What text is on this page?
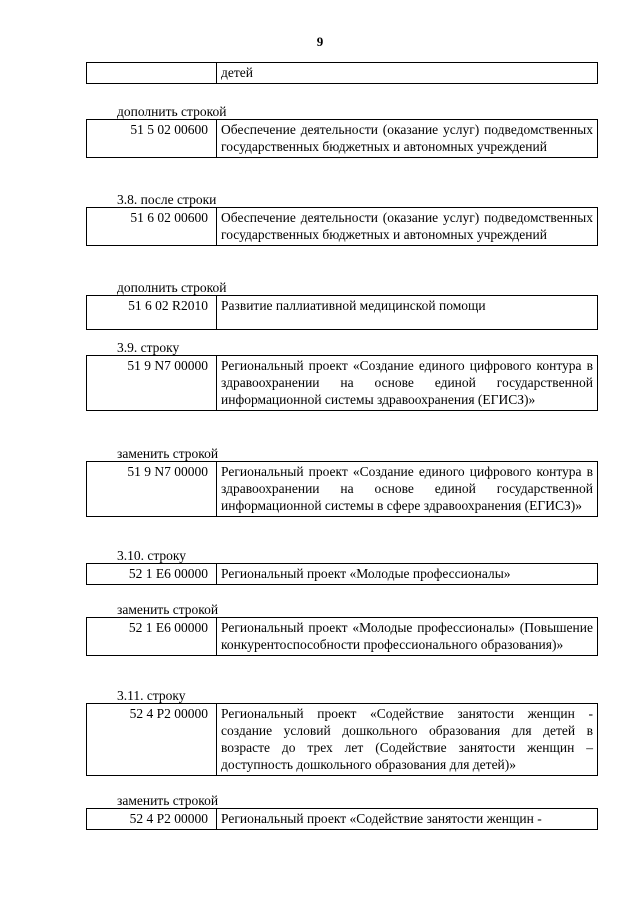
9
	детей
дополнить строкой
51 5 02 00600	Обеспечение деятельности (оказание услуг) подведомственных государственных бюджетных и автономных учреждений
3.8. после строки
51 6 02 00600	Обеспечение деятельности (оказание услуг) подведомственных государственных бюджетных и автономных учреждений
дополнить строкой
51 6 02 R2010	Развитие паллиативной медицинской помощи
3.9. строку
51 9 N7 00000	Региональный проект «Создание единого цифрового контура в здравоохранении на основе единой государственной информационной системы здравоохранения (ЕГИСЗ)»
заменить строкой
51 9 N7 00000	Региональный проект «Создание единого цифрового контура в здравоохранении на основе единой государственной информационной системы в сфере здравоохранения (ЕГИСЗ)»
3.10. строку
52 1 Е6 00000	Региональный проект «Молодые профессионалы»
заменить строкой
52 1 Е6 00000	Региональный проект «Молодые профессионалы» (Повышение конкурентоспособности профессионального образования)»
3.11. строку
52 4 Р2 00000	Региональный проект «Содействие занятости женщин - создание условий дошкольного образования для детей в возрасте до трех лет (Содействие занятости женщин – доступность дошкольного образования для детей)»
заменить строкой
52 4 Р2 00000	Региональный проект «Содействие занятости женщин -
